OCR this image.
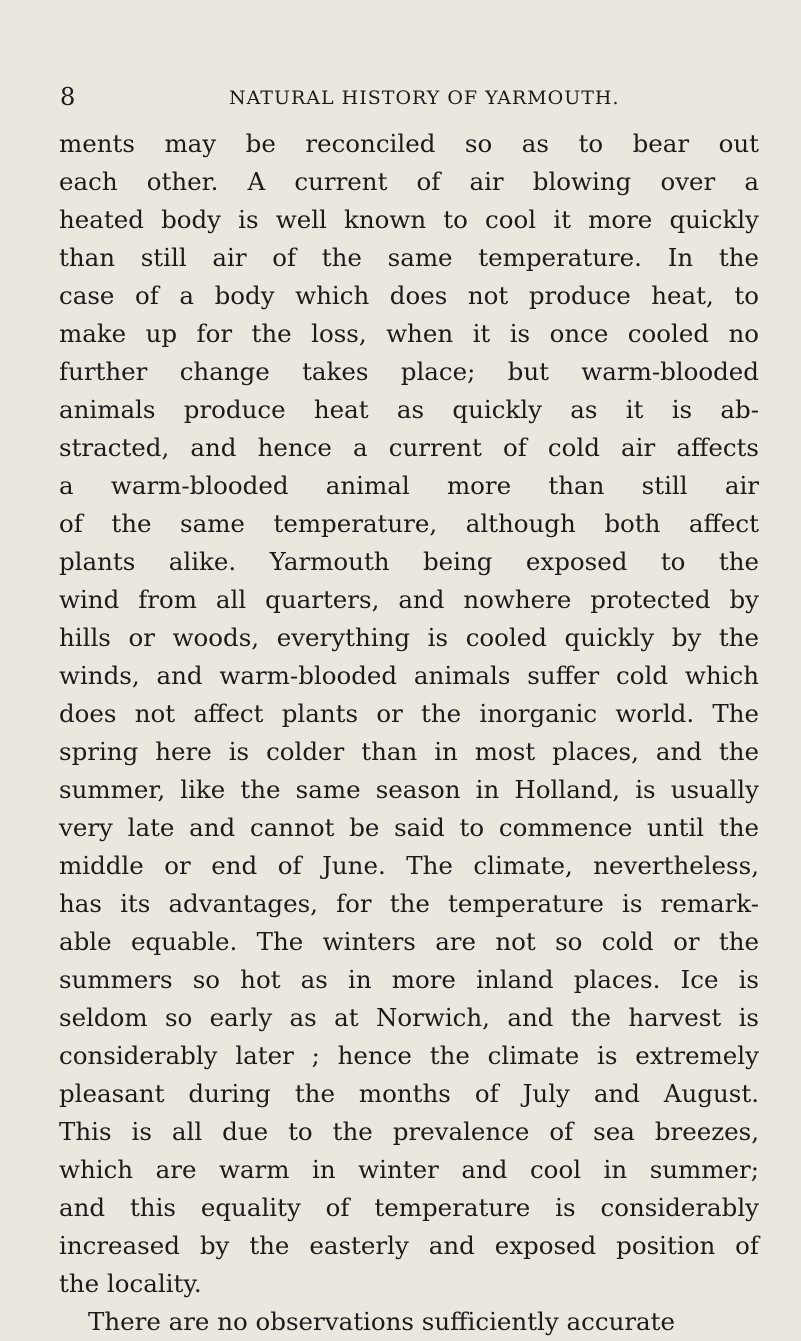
8	NATURAL HISTORY OF YARMOUTH.
ments may be reconciled so as to bear out
each other. A current of air blowing over a
heated body is well known to cool it more quickly
than still air of the same temperature. In the
case of a body which does not produce heat, to
make up for the loss, when it is once cooled no
further change takes place; but warm-blooded
animals produce heat as quickly as it is ab-
stracted, and hence a current of cold air affects
a warm-blooded animal more than still air
of the same temperature, although both affect
plants alike. Yarmouth being exposed to the
wind from all quarters, and nowhere protected by
hills or woods, everything is cooled quickly by the
winds, and warm-blooded animals suffer cold which
does not affect plants or the inorganic world. The
spring here is colder than in most places, and the
summer, like the same season in Holland, is usually
very late and cannot be said to commence until the
middle or end of June. The climate, nevertheless,
has its advantages, for the temperature is remark-
able equable. The winters are not so cold or the
summers so hot as in more inland places. Ice is
seldom so early as at Norwich, and the harvest is
considerably later ; hence the climate is extremely
pleasant during the months of July and August.
This is all due to the prevalence of sea breezes,
which are warm in winter and cool in summer;
and this equality of temperature is considerably
increased by the easterly and exposed position of
the locality.
There are no observations sufficiently accurate
